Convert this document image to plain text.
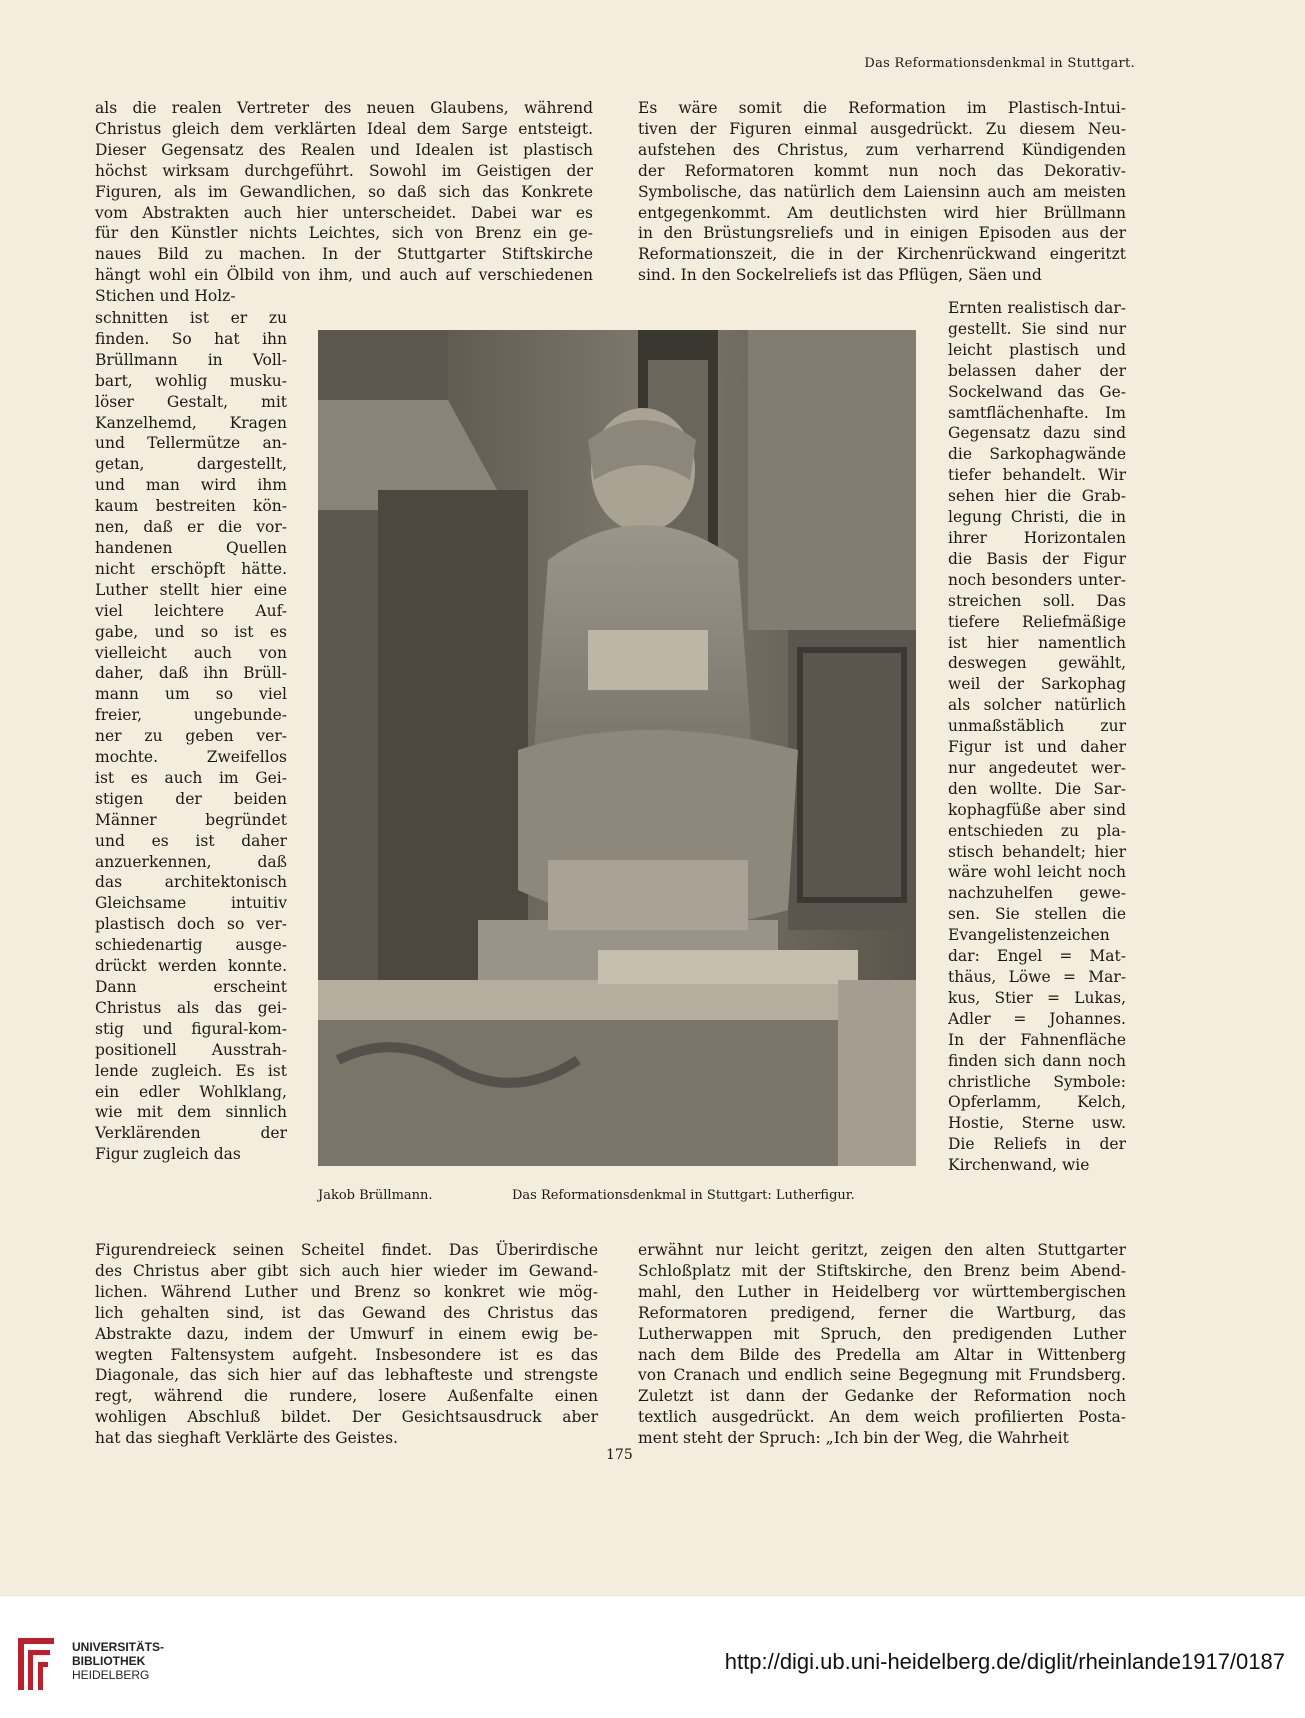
Das Reformationsdenkmal in Stuttgart.
als die realen Vertreter des neuen Glaubens, während
Christus gleich dem verklärten Ideal dem Sarge entsteigt.
Dieser Gegensatz des Realen und Idealen ist plastisch
höchst wirksam durchgeführt. Sowohl im Geistigen der
Figuren, als im Gewandlichen, so daß sich das Konkrete
vom Abstrakten auch hier unterscheidet. Dabei war es
für den Künstler nichts Leichtes, sich von Brenz ein ge-
naues Bild zu machen. In der Stuttgarter Stiftskirche
hängt wohl ein Ölbild von ihm, und auch auf verschiedenen
Stichen und Holz-
schnitten ist er zu
finden. So hat ihn
Brüllmann in Voll-
bart, wohlig musku-
löser Gestalt, mit
Kanzelhemd, Kragen
und Tellermütze an-
getan, dargestellt,
und man wird ihm
kaum bestreiten kön-
nen, daß er die vor-
handenen Quellen
nicht erschöpft hätte.
Luther stellt hier eine
viel leichtere Auf-
gabe, und so ist es
vielleicht auch von
daher, daß ihn Brüll-
mann um so viel
freier, ungebunde-
ner zu geben ver-
mochte. Zweifellos
ist es auch im Gei-
stigen der beiden
Männer begründet
und es ist daher
anzuerkennen, daß
das architektonisch
Gleichsame intuitiv
plastisch doch so ver-
schiedenartig ausge-
drückt werden konnte.
Dann erscheint
Christus als das gei-
stig und figural-kom-
positionell Ausstrah-
lende zugleich. Es ist
ein edler Wohlklang,
wie mit dem sinnlich
Verklärenden der
Figur zugleich das
Figurendreieck seinen Scheitel findet. Das Überirdische
des Christus aber gibt sich auch hier wieder im Gewand-
lichen. Während Luther und Brenz so konkret wie mög-
lich gehalten sind, ist das Gewand des Christus das
Abstrakte dazu, indem der Umwurf in einem ewig be-
wegten Faltensystem aufgeht. Insbesondere ist es das
Diagonale, das sich hier auf das lebhafteste und strengste
regt, während die rundere, losere Außenfalte einen
wohligen Abschluß bildet. Der Gesichtsausdruck aber
hat das sieghaft Verklärte des Geistes.
Es wäre somit die Reformation im Plastisch-Intui-
tiven der Figuren einmal ausgedrückt. Zu diesem Neu-
aufstehen des Christus, zum verharrend Kündigenden
der Reformatoren kommt nun noch das Dekorativ-
Symbolische, das natürlich dem Laiensinn auch am meisten
entgegenkommt. Am deutlichsten wird hier Brüllmann
in den Brüstungsreliefs und in einigen Episoden aus der
Reformationszeit, die in der Kirchenrückwand eingeritzt
sind. In den Sockelreliefs ist das Pflügen, Säen und
Ernten realistisch dar-
gestellt. Sie sind nur
leicht plastisch und
belassen daher der
Sockelwand das Ge-
samtflächenhafte. Im
Gegensatz dazu sind
die Sarkophagwände
tiefer behandelt. Wir
sehen hier die Grab-
legung Christi, die in
ihrer Horizontalen
die Basis der Figur
noch besonders unter-
streichen soll. Das
tiefere Reliefmäßige
ist hier namentlich
deswegen gewählt,
weil der Sarkophag
als solcher natürlich
unmaßstäblich zur
Figur ist und daher
nur angedeutet wer-
den wollte. Die Sar-
kophagfüße aber sind
entschieden zu pla-
stisch behandelt; hier
wäre wohl leicht noch
nachzuhelfen gewe-
sen. Sie stellen die
Evangelistenzeichen
dar: Engel = Mat-
thäus, Löwe = Mar-
kus, Stier = Lukas,
Adler = Johannes.
In der Fahnenfläche
finden sich dann noch
christliche Symbole:
Opferlamm, Kelch,
Hostie, Sterne usw.
Die Reliefs in der
Kirchenwand, wie
erwähnt nur leicht geritzt, zeigen den alten Stuttgarter
Schloßplatz mit der Stiftskirche, den Brenz beim Abend-
mahl, den Luther in Heidelberg vor württembergischen
Reformatoren predigend, ferner die Wartburg, das
Lutherwappen mit Spruch, den predigenden Luther
nach dem Bilde des Predella am Altar in Wittenberg
von Cranach und endlich seine Begegnung mit Frundsberg.
Zuletzt ist dann der Gedanke der Reformation noch
textlich ausgedrückt. An dem weich profilierten Posta-
ment steht der Spruch: „Ich bin der Weg, die Wahrheit
Jakob Brüllmann.	Das Reformationsdenkmal in Stuttgart: Lutherfigur.
175
UNIVERSITÄTS-
BIBLIOTHEK
HEIDELBERG
http://digi.ub.uni-heidelberg.de/diglit/rheinlande1917/0187
